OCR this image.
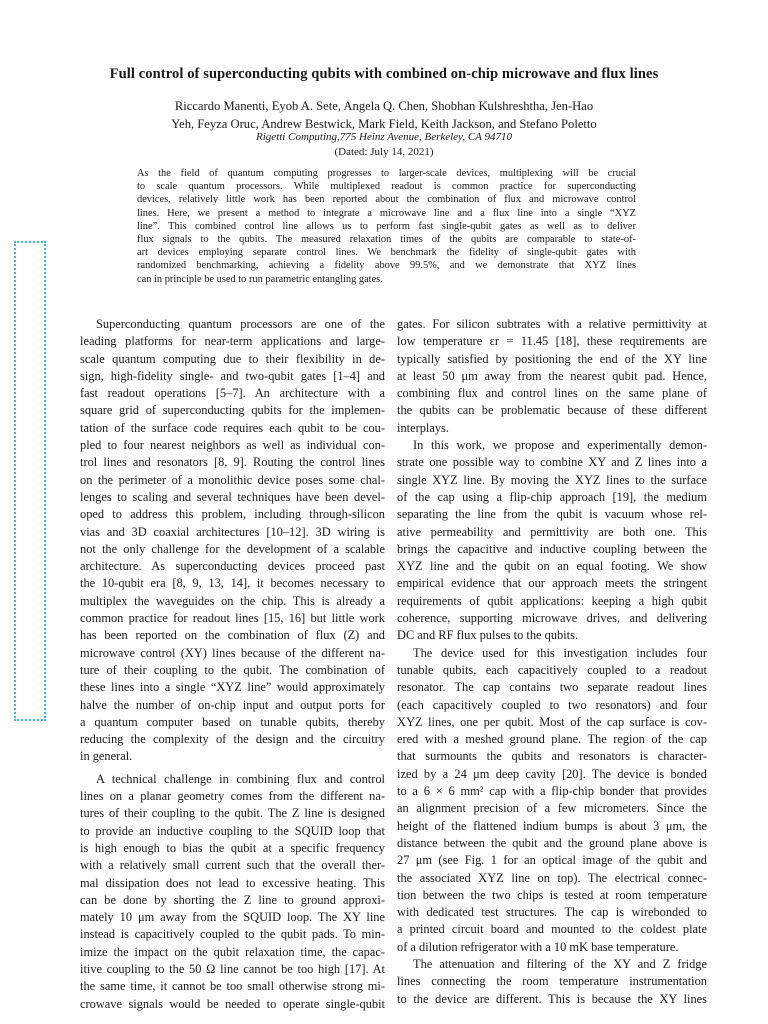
Full control of superconducting qubits with combined on-chip microwave and flux lines
Riccardo Manenti, Eyob A. Sete, Angela Q. Chen, Shobhan Kulshreshtha, Jen-Hao
Yeh, Feyza Oruc, Andrew Bestwick, Mark Field, Keith Jackson, and Stefano Poletto
Rigetti Computing,775 Heinz Avenue, Berkeley, CA 94710
(Dated: July 14, 2021)
As the field of quantum computing progresses to larger-scale devices, multiplexing will be crucial
to scale quantum processors. While multiplexed readout is common practice for superconducting
devices, relatively little work has been reported about the combination of flux and microwave control
lines. Here, we present a method to integrate a microwave line and a flux line into a single “XYZ
line”. This combined control line allows us to perform fast single-qubit gates as well as to deliver
flux signals to the qubits. The measured relaxation times of the qubits are comparable to state-of-
art devices employing separate control lines. We benchmark the fidelity of single-qubit gates with
randomized benchmarking, achieving a fidelity above 99.5%, and we demonstrate that XYZ lines
can in principle be used to run parametric entangling gates.
Superconducting quantum processors are one of the
leading platforms for near-term applications and large-
scale quantum computing due to their flexibility in de-
sign, high-fidelity single- and two-qubit gates [1–4] and
fast readout operations [5–7]. An architecture with a
square grid of superconducting qubits for the implemen-
tation of the surface code requires each qubit to be cou-
pled to four nearest neighbors as well as individual con-
trol lines and resonators [8, 9]. Routing the control lines
on the perimeter of a monolithic device poses some chal-
lenges to scaling and several techniques have been devel-
oped to address this problem, including through-silicon
vias and 3D coaxial architectures [10–12]. 3D wiring is
not the only challenge for the development of a scalable
architecture. As superconducting devices proceed past
the 10-qubit era [8, 9, 13, 14], it becomes necessary to
multiplex the waveguides on the chip. This is already a
common practice for readout lines [15, 16] but little work
has been reported on the combination of flux (Z) and
microwave control (XY) lines because of the different na-
ture of their coupling to the qubit. The combination of
these lines into a single “XYZ line” would approximately
halve the number of on-chip input and output ports for
a quantum computer based on tunable qubits, thereby
reducing the complexity of the design and the circuitry
in general.
A technical challenge in combining flux and control
lines on a planar geometry comes from the different na-
tures of their coupling to the qubit. The Z line is designed
to provide an inductive coupling to the SQUID loop that
is high enough to bias the qubit at a specific frequency
with a relatively small current such that the overall ther-
mal dissipation does not lead to excessive heating. This
can be done by shorting the Z line to ground approxi-
mately 10 μm away from the SQUID loop. The XY line
instead is capacitively coupled to the qubit pads. To min-
imize the impact on the qubit relaxation time, the capac-
itive coupling to the 50 Ω line cannot be too high [17]. At
the same time, it cannot be too small otherwise strong mi-
crowave signals would be needed to operate single-qubit
gates. For silicon subtrates with a relative permittivity at
low temperature εr = 11.45 [18], these requirements are
typically satisfied by positioning the end of the XY line
at least 50 μm away from the nearest qubit pad. Hence,
combining flux and control lines on the same plane of
the qubits can be problematic because of these different
interplays.
In this work, we propose and experimentally demon-
strate one possible way to combine XY and Z lines into a
single XYZ line. By moving the XYZ lines to the surface
of the cap using a flip-chip approach [19], the medium
separating the line from the qubit is vacuum whose rel-
ative permeability and permittivity are both one. This
brings the capacitive and inductive coupling between the
XYZ line and the qubit on an equal footing. We show
empirical evidence that our approach meets the stringent
requirements of qubit applications: keeping a high qubit
coherence, supporting microwave drives, and delivering
DC and RF flux pulses to the qubits.
The device used for this investigation includes four
tunable qubits, each capacitively coupled to a readout
resonator. The cap contains two separate readout lines
(each capacitively coupled to two resonators) and four
XYZ lines, one per qubit. Most of the cap surface is cov-
ered with a meshed ground plane. The region of the cap
that surmounts the qubits and resonators is character-
ized by a 24 μm deep cavity [20]. The device is bonded
to a 6 × 6 mm² cap with a flip-chip bonder that provides
an alignment precision of a few micrometers. Since the
height of the flattened indium bumps is about 3 μm, the
distance between the qubit and the ground plane above is
27 μm (see Fig. 1 for an optical image of the qubit and
the associated XYZ line on top). The electrical connec-
tion between the two chips is tested at room temperature
with dedicated test structures. The cap is wirebonded to
a printed circuit board and mounted to the coldest plate
of a dilution refrigerator with a 10 mK base temperature.
The attenuation and filtering of the XY and Z fridge
lines connecting the room temperature instrumentation
to the device are different. This is because the XY lines
